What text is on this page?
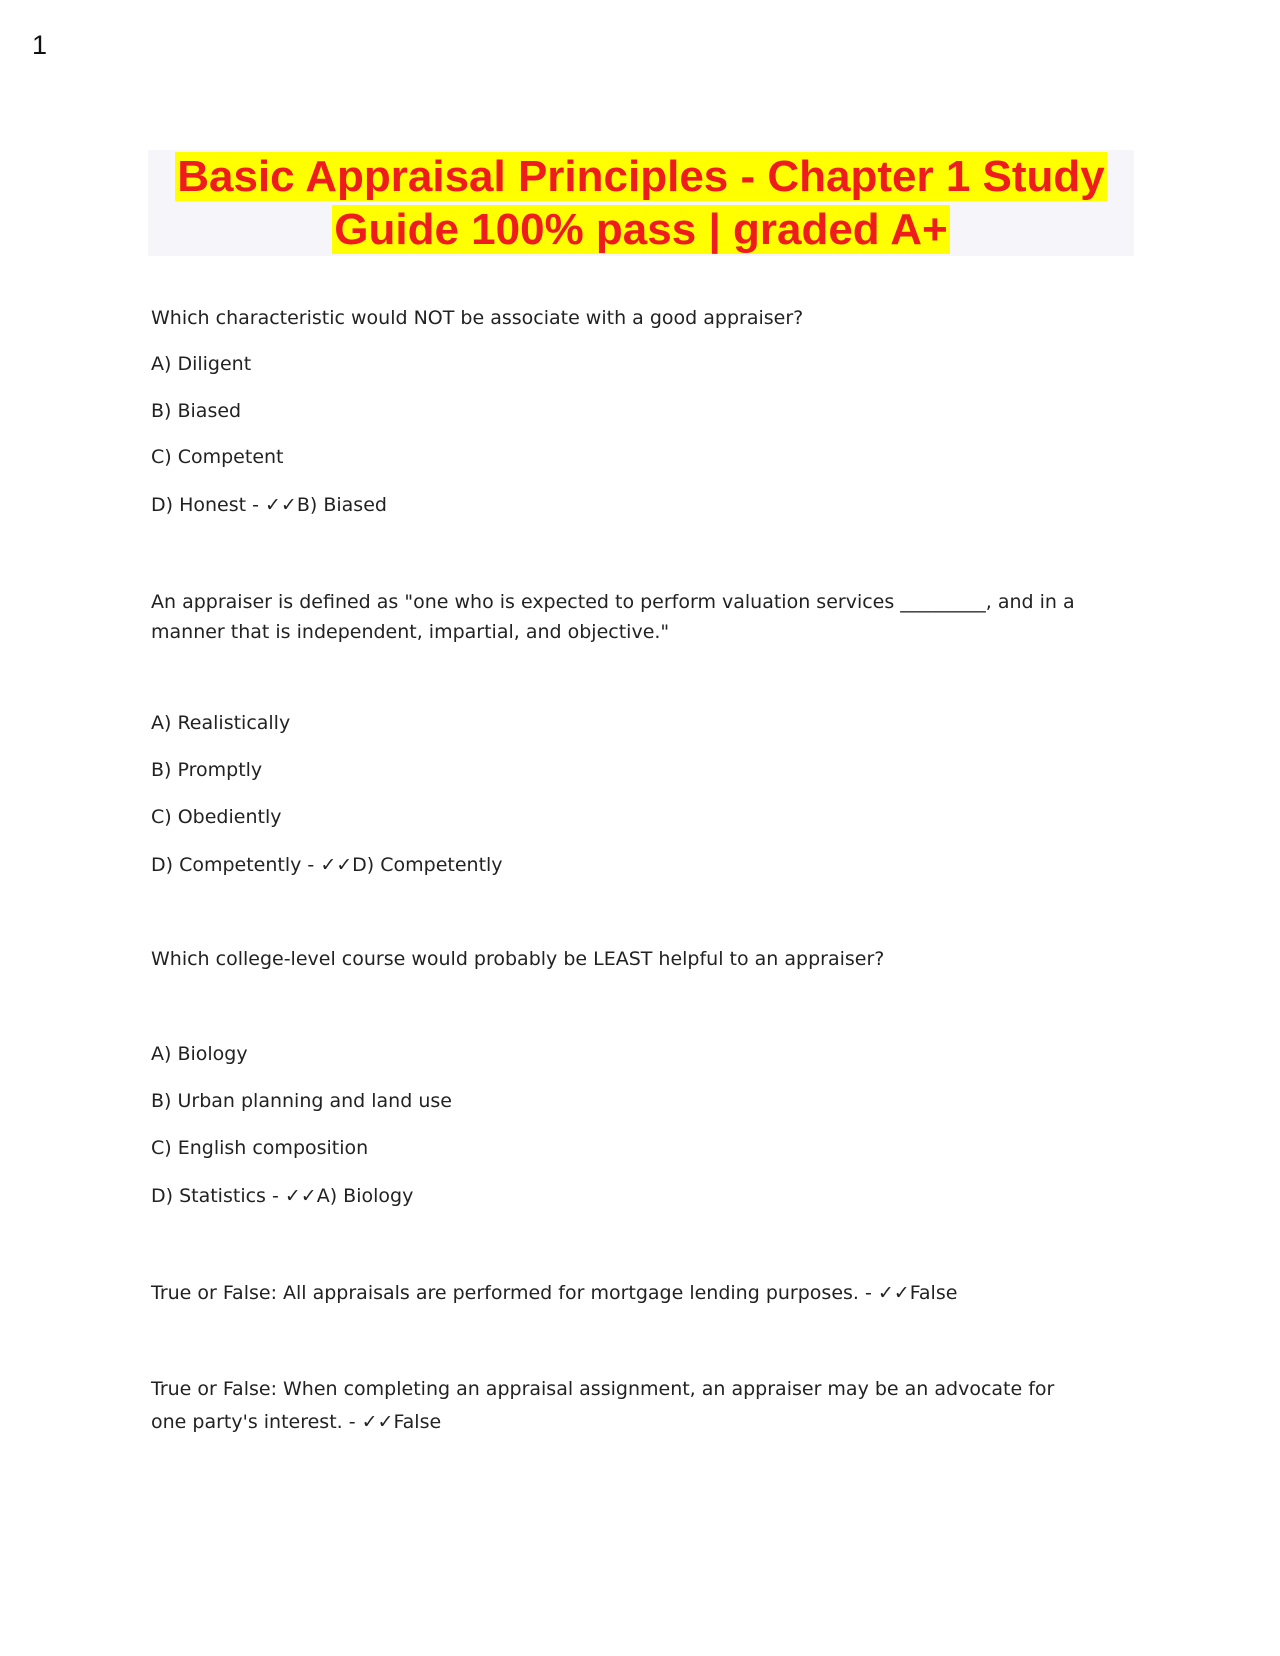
1
Basic Appraisal Principles - Chapter 1 Study
Guide 100% pass | graded A+
Which characteristic would NOT be associate with a good appraiser?
A) Diligent
B) Biased
C) Competent
D) Honest - ✓✓B) Biased
An appraiser is defined as "one who is expected to perform valuation services _________, and in a manner that is independent, impartial, and objective."
A) Realistically
B) Promptly
C) Obediently
D) Competently - ✓✓D) Competently
Which college-level course would probably be LEAST helpful to an appraiser?
A) Biology
B) Urban planning and land use
C) English composition
D) Statistics - ✓✓A) Biology
True or False: All appraisals are performed for mortgage lending purposes. - ✓✓False
True or False: When completing an appraisal assignment, an appraiser may be an advocate for one party's interest. - ✓✓False
